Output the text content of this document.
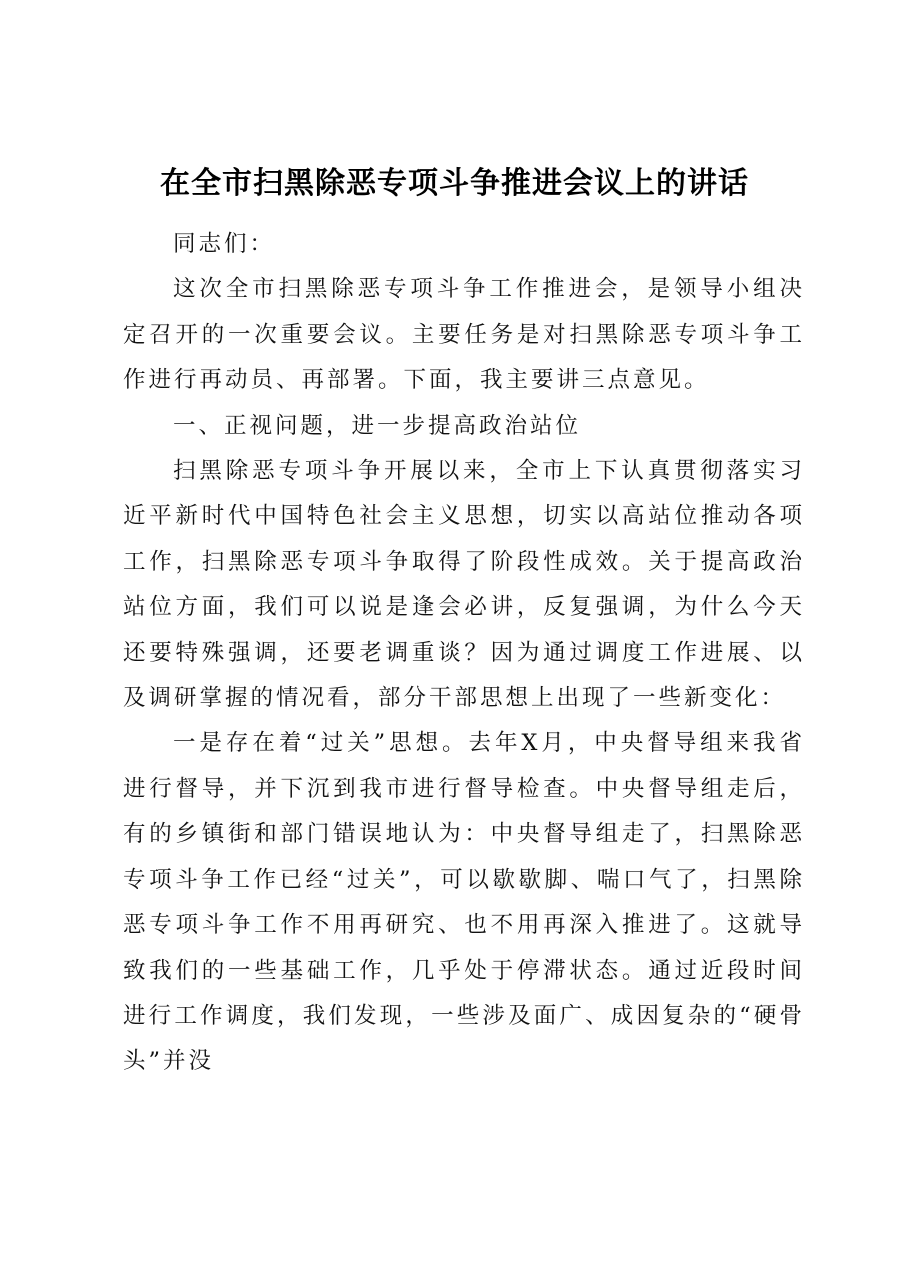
在全市扫黑除恶专项斗争推进会议上的讲话

同志们：

这次全市扫黑除恶专项斗争工作推进会，是领导小组决定召开的一次重要会议。主要任务是对扫黑除恶专项斗争工作进行再动员、再部署。下面，我主要讲三点意见。

一、正视问题，进一步提高政治站位

扫黑除恶专项斗争开展以来，全市上下认真贯彻落实习近平新时代中国特色社会主义思想，切实以高站位推动各项工作，扫黑除恶专项斗争取得了阶段性成效。关于提高政治站位方面，我们可以说是逢会必讲，反复强调，为什么今天还要特殊强调，还要老调重谈？因为通过调度工作进展、以及调研掌握的情况看，部分干部思想上出现了一些新变化：

一是存在着“过关”思想。去年X月，中央督导组来我省进行督导，并下沉到我市进行督导检查。中央督导组走后，有的乡镇街和部门错误地认为：中央督导组走了，扫黑除恶专项斗争工作已经“过关”，可以歇歇脚、喘口气了，扫黑除恶专项斗争工作不用再研究、也不用再深入推进了。这就导致我们的一些基础工作，几乎处于停滞状态。通过近段时间进行工作调度，我们发现，一些涉及面广、成因复杂的“硬骨头”并没
